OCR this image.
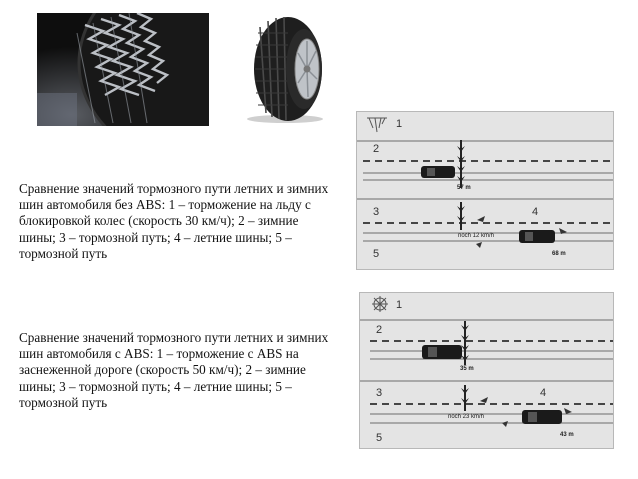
Сравнение значений тормозного пути летних и зимних шин автомобиля без ABS: 1 – торможение на льду с блокировкой колес (скорость 30 км/ч); 2 – зимние шины; 3 – тормозной путь; 4 – летние шины; 5 – тормозной путь
Сравнение значений тормозного пути летних и зимних шин автомобиля с ABS: 1 – торможение с ABS на заснеженной дороге (скорость 50 км/ч); 2 – зимние шины; 3 – тормозной путь; 4 – летние шины; 5 – тормозной путь
1
2
3	4
5
57 m
noch 12 km/h
68 m
1
2
3	4
5
35 m
noch 23 km/h
43 m
